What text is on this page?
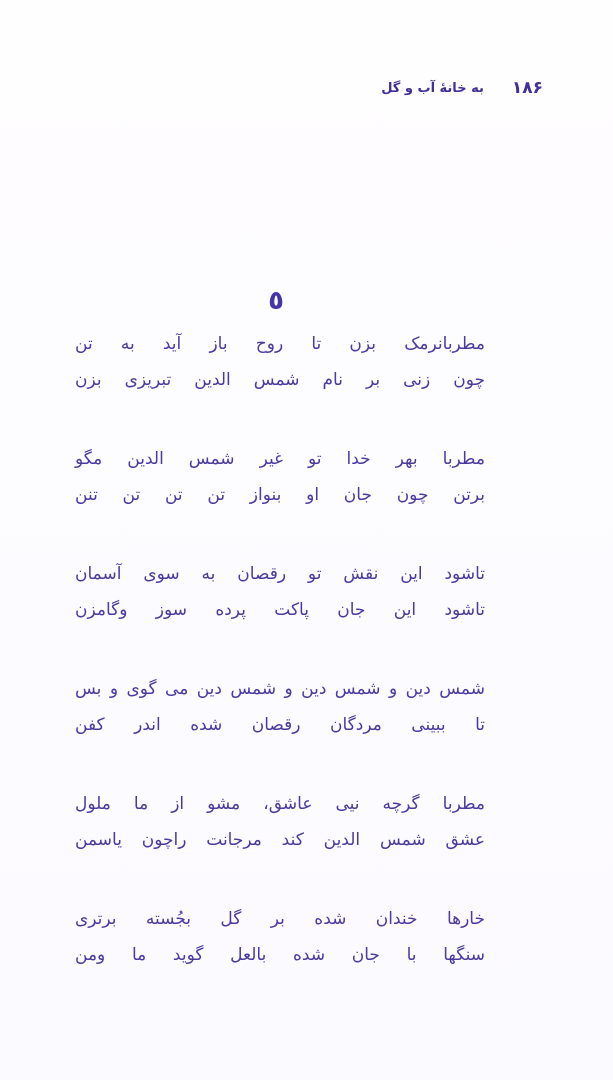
۱۸۶
به خانهٔ آب و گل
٥
مطربانرمک بزن تا روح باز آید به تن
چون زنی بر نام شمس الدین تبریزی بزن
مطربا بهر خدا تو غیر شمس الدین مگو
برتن چون جان او بنواز تن تن تن تنن
تاشود این نقش تو رقصان به سوی آسمان
تاشود این جان پاکت پرده سوز وگامزن
شمس دین و شمس دین و شمس دین می گوی و بس
تا ببینی مردگان رقصان شده اندر کفن
مطربا گرچه نیی عاشق، مشو از ما ملول
عشق شمس الدین کند مرجانت راچون یاسمن
خارها خندان شده بر گل بجُسته برتری
سنگها با جان شده بالعل گوید ما ومن
